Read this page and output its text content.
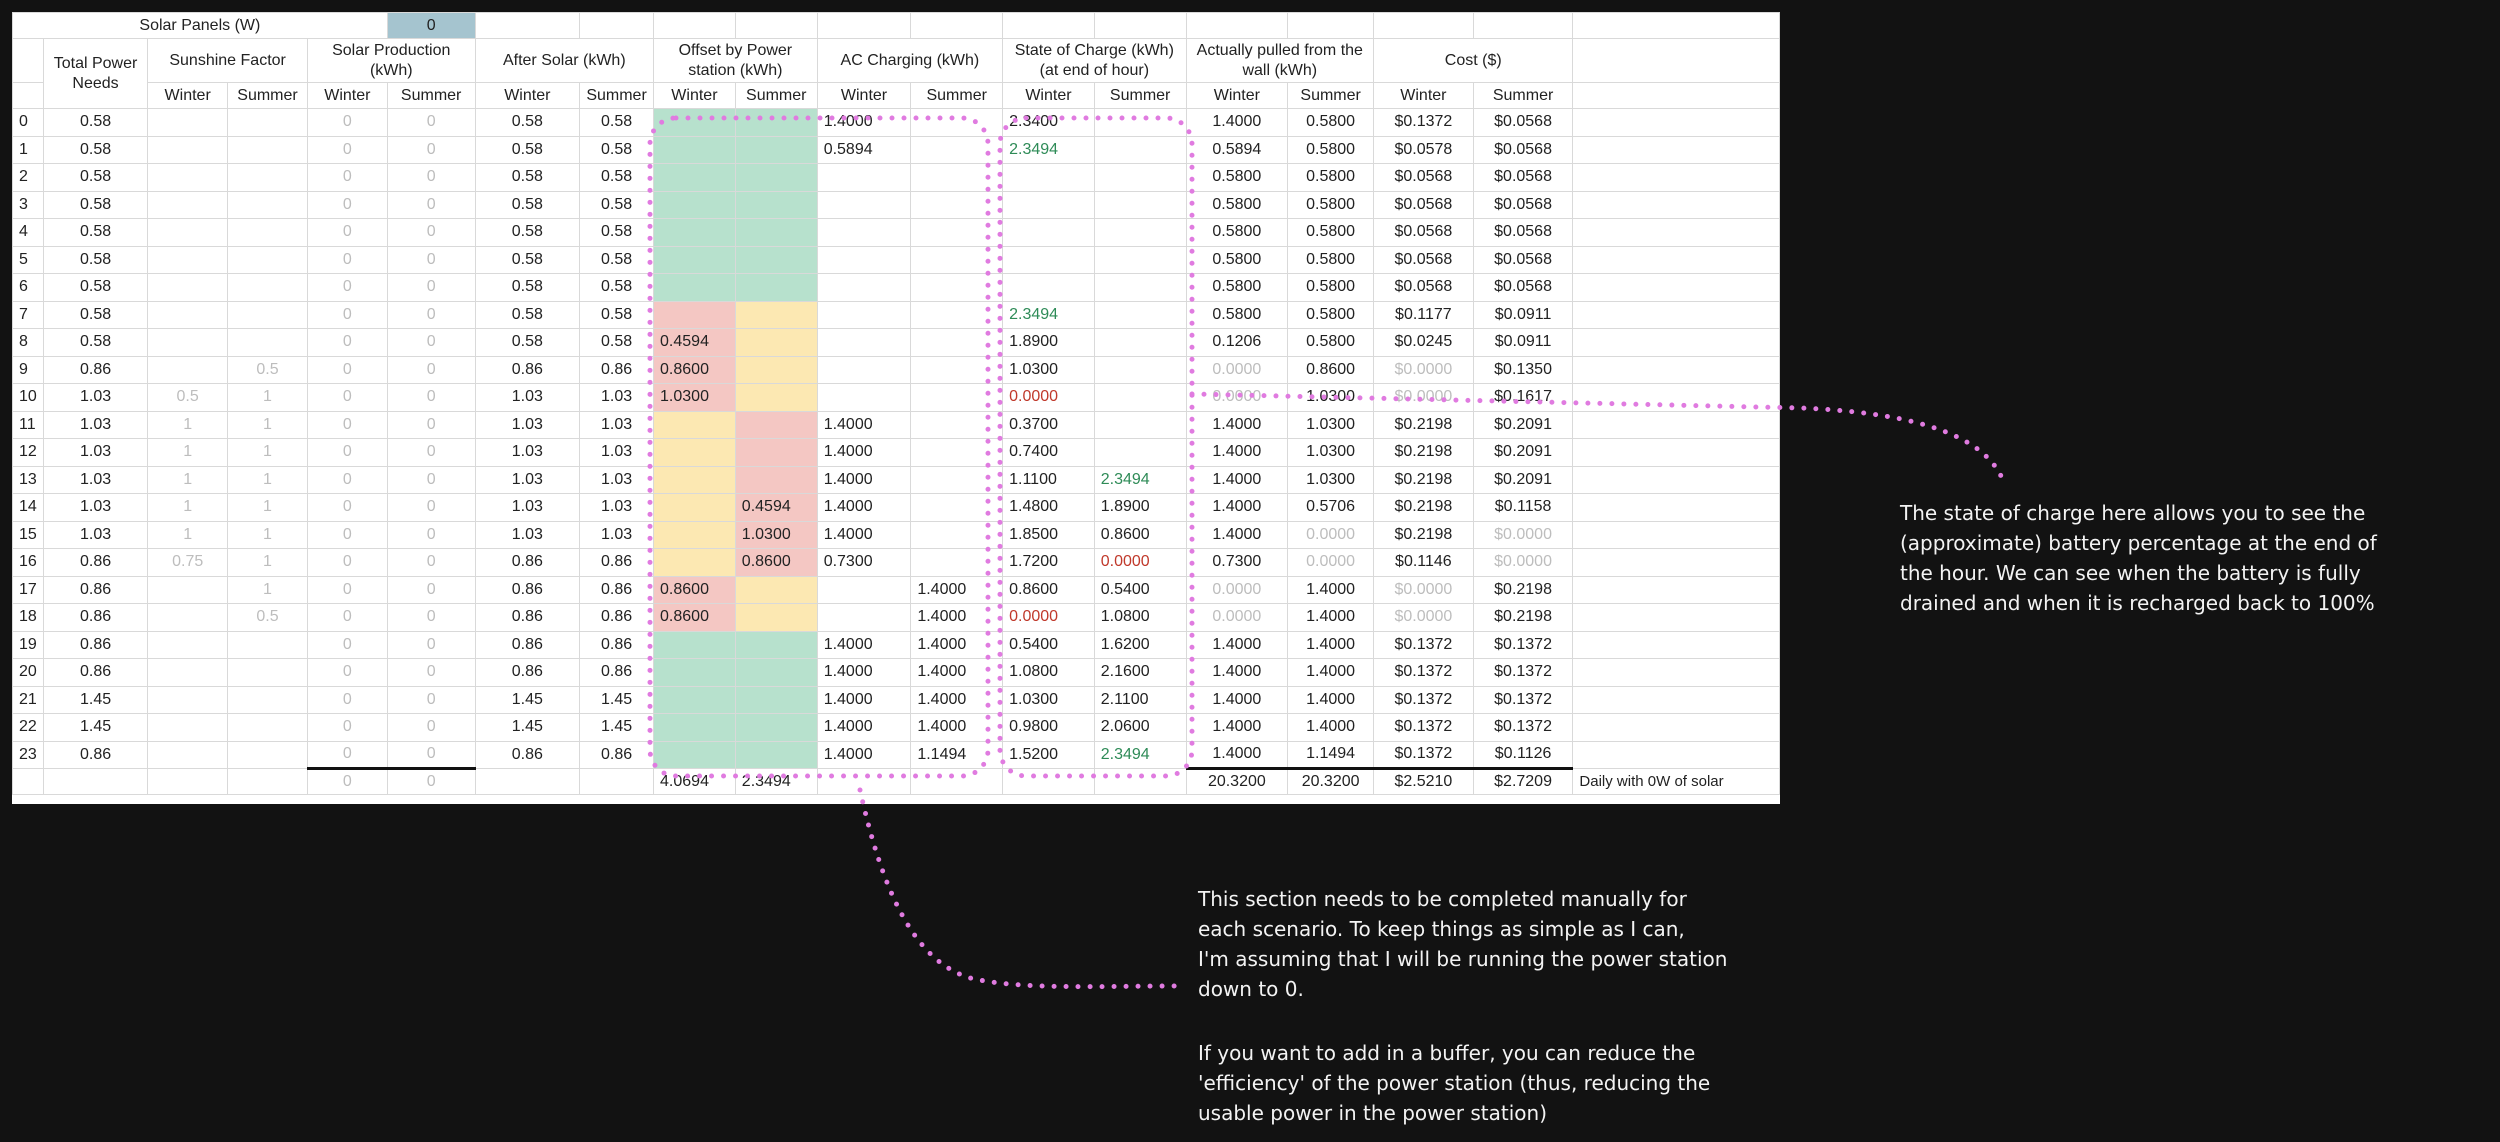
Solar Panels (W)					0													
	Total Power Needs	Sunshine Factor		Solar Production (kWh)		After Solar (kWh)		Offset by Power station (kWh)		AC Charging (kWh)		State of Charge (kWh) (at end of hour)		Actually pulled from the wall (kWh)		Cost ($)		
		Winter	Summer	Winter	Summer	Winter	Summer	Winter	Summer	Winter	Summer	Winter	Summer	Winter	Summer	Winter	Summer	
0	0.58			0	0	0.58	0.58			1.4000		2.3400		1.4000	0.5800	$0.1372	$0.0568	
1	0.58			0	0	0.58	0.58			0.5894		2.3494		0.5894	0.5800	$0.0578	$0.0568	
2	0.58			0	0	0.58	0.58							0.5800	0.5800	$0.0568	$0.0568	
3	0.58			0	0	0.58	0.58							0.5800	0.5800	$0.0568	$0.0568	
4	0.58			0	0	0.58	0.58							0.5800	0.5800	$0.0568	$0.0568	
5	0.58			0	0	0.58	0.58							0.5800	0.5800	$0.0568	$0.0568	
6	0.58			0	0	0.58	0.58							0.5800	0.5800	$0.0568	$0.0568	
7	0.58			0	0	0.58	0.58					2.3494		0.5800	0.5800	$0.1177	$0.0911	
8	0.58			0	0	0.58	0.58	0.4594				1.8900		0.1206	0.5800	$0.0245	$0.0911	
9	0.86		0.5	0	0	0.86	0.86	0.8600				1.0300		0.0000	0.8600	$0.0000	$0.1350	
10	1.03	0.5	1	0	0	1.03	1.03	1.0300				0.0000		0.0000	1.0300	$0.0000	$0.1617	
11	1.03	1	1	0	0	1.03	1.03			1.4000		0.3700		1.4000	1.0300	$0.2198	$0.2091	
12	1.03	1	1	0	0	1.03	1.03			1.4000		0.7400		1.4000	1.0300	$0.2198	$0.2091	
13	1.03	1	1	0	0	1.03	1.03			1.4000		1.1100	2.3494	1.4000	1.0300	$0.2198	$0.2091	
14	1.03	1	1	0	0	1.03	1.03		0.4594	1.4000		1.4800	1.8900	1.4000	0.5706	$0.2198	$0.1158	
15	1.03	1	1	0	0	1.03	1.03		1.0300	1.4000		1.8500	0.8600	1.4000	0.0000	$0.2198	$0.0000	
16	0.86	0.75	1	0	0	0.86	0.86		0.8600	0.7300		1.7200	0.0000	0.7300	0.0000	$0.1146	$0.0000	
17	0.86		1	0	0	0.86	0.86	0.8600			1.4000	0.8600	0.5400	0.0000	1.4000	$0.0000	$0.2198	
18	0.86		0.5	0	0	0.86	0.86	0.8600			1.4000	0.0000	1.0800	0.0000	1.4000	$0.0000	$0.2198	
19	0.86			0	0	0.86	0.86			1.4000	1.4000	0.5400	1.6200	1.4000	1.4000	$0.1372	$0.1372	
20	0.86			0	0	0.86	0.86			1.4000	1.4000	1.0800	2.1600	1.4000	1.4000	$0.1372	$0.1372	
21	1.45			0	0	1.45	1.45			1.4000	1.4000	1.0300	2.1100	1.4000	1.4000	$0.1372	$0.1372	
22	1.45			0	0	1.45	1.45			1.4000	1.4000	0.9800	2.0600	1.4000	1.4000	$0.1372	$0.1372	
23	0.86			0	0	0.86	0.86			1.4000	1.1494	1.5200	2.3494	1.4000	1.1494	$0.1372	$0.1126	
				0	0			4.0694	2.3494					20.3200	20.3200	$2.5210	$2.7209	Daily with 0W of solar
The state of charge here allows you to see the
(approximate) battery percentage at the end of
the hour. We can see when the battery is fully
drained and when it is recharged back to 100%
This section needs to be completed manually for
each scenario. To keep things as simple as I can,
I'm assuming that I will be running the power station
down to 0.
If you want to add in a buffer, you can reduce the
'efficiency' of the power station (thus, reducing the
usable power in the power station)
